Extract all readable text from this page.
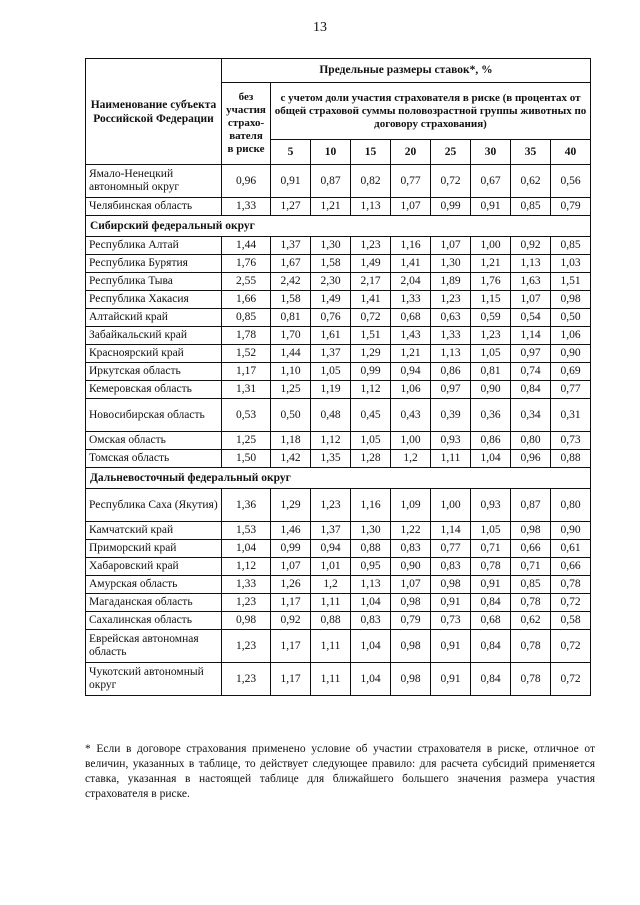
13
Наименование субъекта Российской Федерации	Предельные размеры ставок*, %								
	без участия страхо-вателя в риске	с учетом доли участия страхователя в риске (в процентах от общей страховой суммы половозрастной группы животных по договору страхования)							
		5	10	15	20	25	30	35	40
Ямало-Ненецкий автономный округ	0,96	0,91	0,87	0,82	0,77	0,72	0,67	0,62	0,56
Челябинская область	1,33	1,27	1,21	1,13	1,07	0,99	0,91	0,85	0,79
Сибирский федеральный округ									
Республика Алтай	1,44	1,37	1,30	1,23	1,16	1,07	1,00	0,92	0,85
Республика Бурятия	1,76	1,67	1,58	1,49	1,41	1,30	1,21	1,13	1,03
Республика Тыва	2,55	2,42	2,30	2,17	2,04	1,89	1,76	1,63	1,51
Республика Хакасия	1,66	1,58	1,49	1,41	1,33	1,23	1,15	1,07	0,98
Алтайский край	0,85	0,81	0,76	0,72	0,68	0,63	0,59	0,54	0,50
Забайкальский край	1,78	1,70	1,61	1,51	1,43	1,33	1,23	1,14	1,06
Красноярский край	1,52	1,44	1,37	1,29	1,21	1,13	1,05	0,97	0,90
Иркутская область	1,17	1,10	1,05	0,99	0,94	0,86	0,81	0,74	0,69
Кемеровская область	1,31	1,25	1,19	1,12	1,06	0,97	0,90	0,84	0,77
Новосибирская область	0,53	0,50	0,48	0,45	0,43	0,39	0,36	0,34	0,31
Омская область	1,25	1,18	1,12	1,05	1,00	0,93	0,86	0,80	0,73
Томская область	1,50	1,42	1,35	1,28	1,2	1,11	1,04	0,96	0,88
Дальневосточный федеральный округ									
Республика Саха (Якутия)	1,36	1,29	1,23	1,16	1,09	1,00	0,93	0,87	0,80
Камчатский край	1,53	1,46	1,37	1,30	1,22	1,14	1,05	0,98	0,90
Приморский край	1,04	0,99	0,94	0,88	0,83	0,77	0,71	0,66	0,61
Хабаровский край	1,12	1,07	1,01	0,95	0,90	0,83	0,78	0,71	0,66
Амурская область	1,33	1,26	1,2	1,13	1,07	0,98	0,91	0,85	0,78
Магаданская область	1,23	1,17	1,11	1,04	0,98	0,91	0,84	0,78	0,72
Сахалинская область	0,98	0,92	0,88	0,83	0,79	0,73	0,68	0,62	0,58
Еврейская автономная область	1,23	1,17	1,11	1,04	0,98	0,91	0,84	0,78	0,72
Чукотский автономный округ	1,23	1,17	1,11	1,04	0,98	0,91	0,84	0,78	0,72
* Если в договоре страхования применено условие об участии страхователя в риске, отличное от величин, указанных в таблице, то действует следующее правило: для расчета субсидий применяется ставка, указанная в настоящей таблице для ближайшего большего значения размера участия страхователя в риске.
